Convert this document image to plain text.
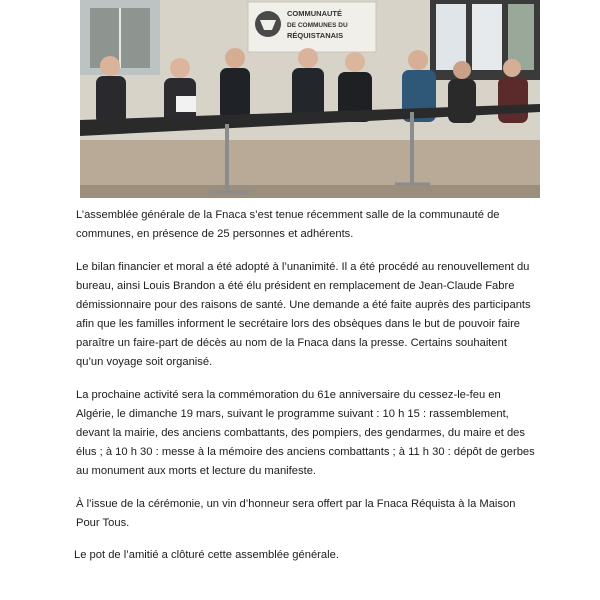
COMMUNAUTÉ
DE COMMUNES DU
RÉQUISTANAIS

L’assemblée générale de la Fnaca s’est tenue récemment salle de la communauté de communes, en présence de 25 personnes et adhérents.

Le bilan financier et moral a été adopté à l’unanimité. Il a été procédé au renouvellement du bureau, ainsi Louis Brandon a été élu président en remplacement de Jean-Claude Fabre démissionnaire pour des raisons de santé. Une demande a été faite auprès des participants afin que les familles informent le secrétaire lors des obsèques dans le but de pouvoir faire paraître un faire-part de décès au nom de la Fnaca dans la presse. Certains souhaitent qu’un voyage soit organisé.

La prochaine activité sera la commémoration du 61e anniversaire du cessez-le-feu en Algérie, le dimanche 19 mars, suivant le programme suivant : 10 h 15 : rassemblement, devant la mairie, des anciens combattants, des pompiers, des gendarmes, du maire et des élus ; à 10 h 30 : messe à la mémoire des anciens combattants ; à 11 h 30 : dépôt de gerbes au monument aux morts et lecture du manifeste.

À l’issue de la cérémonie, un vin d’honneur sera offert par la Fnaca Réquista à la Maison Pour Tous.

Le pot de l’amitié a clôturé cette assemblée générale.
